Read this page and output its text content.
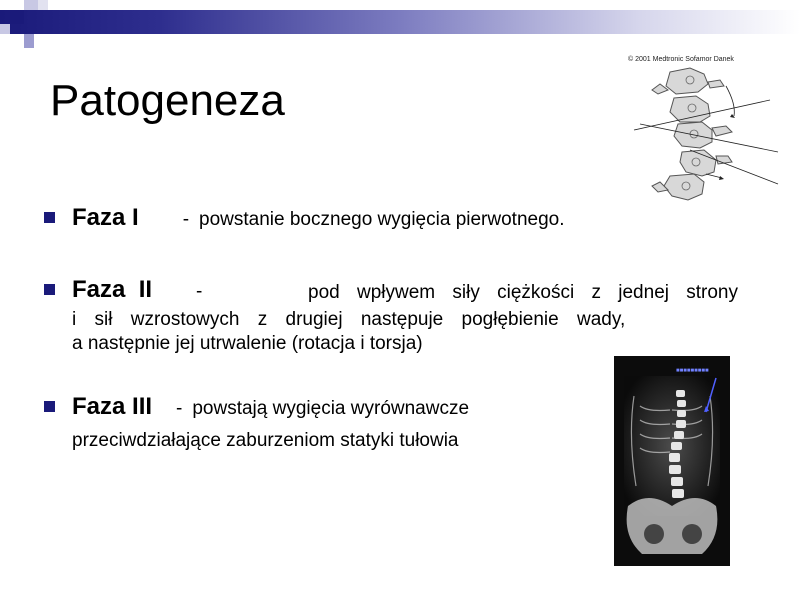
Patogeneza
© 2001 Medtronic Sofamor Danek
Faza I - powstanie bocznego wygięcia pierwotnego.
Faza  II -	pod wpływem siły ciężkości z jednej strony
i sił wzrostowych z drugiej następuje pogłębienie wady,
a następnie jej utrwalenie (rotacja i torsja)
Faza III - powstają wygięcia wyrównawcze
przeciwdziałające zaburzeniom statyki tułowia
■■■■■■■■■
